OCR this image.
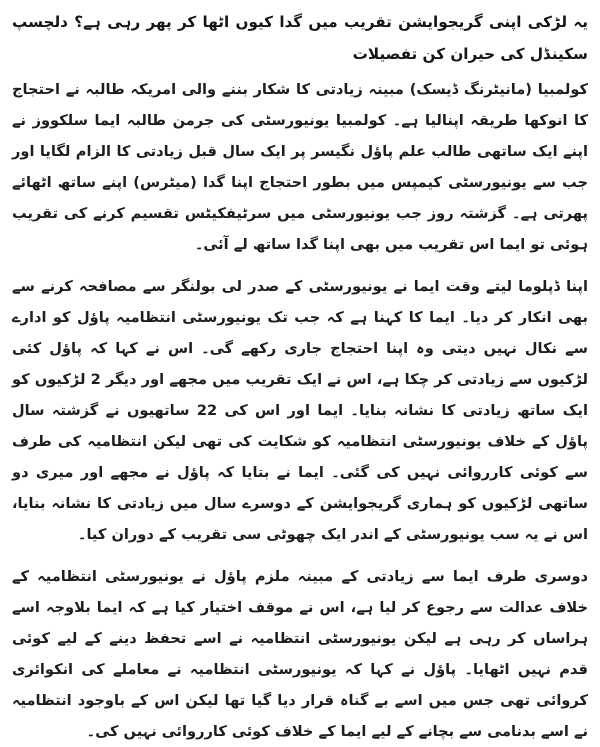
یہ لڑکی اپنی گریجوایشن تقریب میں گدا کیوں اٹھا کر پھر رہی ہے؟ دلچسپ سکینڈل کی حیران کن تفصیلات

کولمبیا (مانیٹرنگ ڈیسک) مبینہ زیادتی کا شکار بننے والی امریکہ طالبہ نے احتجاج کا انوکھا طریقہ اپنالیا ہے۔ کولمبیا یونیورسٹی کی جرمن طالبہ ایما سلکووز نے اپنے ایک ساتھی طالب علم پاؤل نگیسر پر ایک سال قبل زیادتی کا الزام لگایا اور جب سے یونیورسٹی کیمپس میں بطور احتجاج اپنا گدا (میٹرس) اپنے ساتھ اٹھائے پھرتی ہے۔ گزشتہ روز جب یونیورسٹی میں سرٹیفکیٹس تقسیم کرنے کی تقریب ہوئی تو ایما اس تقریب میں بھی اپنا گدا ساتھ لے آئی۔

اپنا ڈپلوما لیتے وقت ایما نے یونیورسٹی کے صدر لی بولنگر سے مصافحہ کرنے سے بھی انکار کر دیا۔ ایما کا کہنا ہے کہ جب تک یونیورسٹی انتظامیہ پاؤل کو ادارے سے نکال نہیں دیتی وہ اپنا احتجاج جاری رکھے گی۔ اس نے کہا کہ پاؤل کئی لڑکیوں سے زیادتی کر چکا ہے، اس نے ایک تقریب میں مجھے اور دیگر 2 لڑکیوں کو ایک ساتھ زیادتی کا نشانہ بنایا۔ ایما اور اس کی 22 ساتھیوں نے گزشتہ سال پاؤل کے خلاف یونیورسٹی انتظامیہ کو شکایت کی تھی لیکن انتظامیہ کی طرف سے کوئی کارروائی نہیں کی گئی۔ ایما نے بتایا کہ پاؤل نے مجھے اور میری دو ساتھی لڑکیوں کو ہماری گریجوایشن کے دوسرے سال میں زیادتی کا نشانہ بنایا، اس نے یہ سب یونیورسٹی کے اندر ایک چھوٹی سی تقریب کے دوران کیا۔

دوسری طرف ایما سے زیادتی کے مبینہ ملزم پاؤل نے یونیورسٹی انتظامیہ کے خلاف عدالت سے رجوع کر لیا ہے، اس نے موقف اختیار کیا ہے کہ ایما بلاوجہ اسے ہراساں کر رہی ہے لیکن یونیورسٹی انتظامیہ نے اسے تحفظ دینے کے لیے کوئی قدم نہیں اٹھایا۔ پاؤل نے کہا کہ یونیورسٹی انتظامیہ نے معاملے کی انکوائری کروائی تھی جس میں اسے بے گناہ قرار دیا گیا تھا لیکن اس کے باوجود انتظامیہ نے اسے بدنامی سے بچانے کے لیے ایما کے خلاف کوئی کارروائی نہیں کی۔
